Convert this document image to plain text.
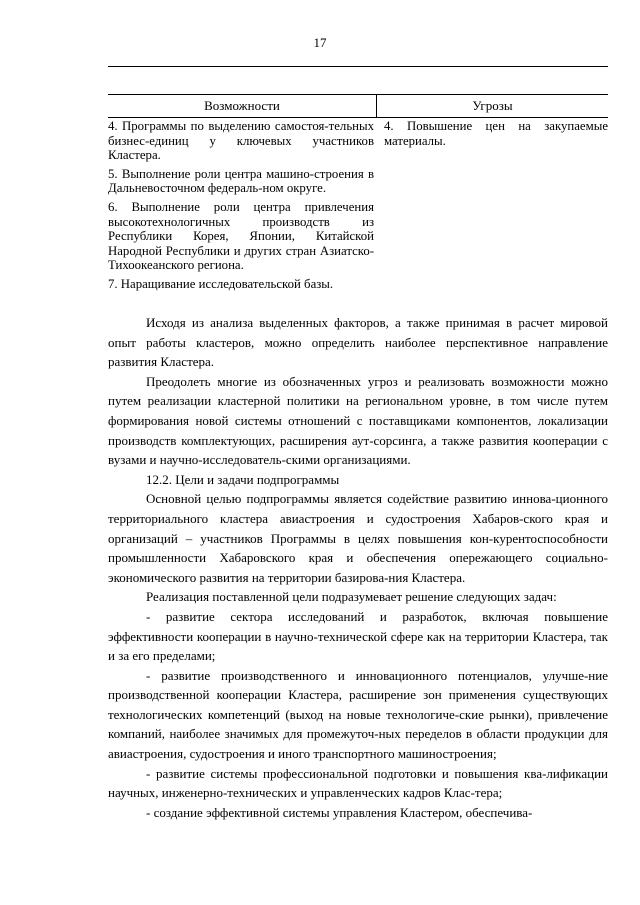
17
Возможности	Угрозы
4. Программы по выделению самостоя-тельных бизнес-единиц у ключевых участников Кластера.
5. Выполнение роли центра машино-строения в Дальневосточном федераль-ном округе.
6. Выполнение роли центра привлечения высокотехнологичных производств из Республики Корея, Японии, Китайской Народной Республики и других стран Азиатско-Тихоокеанского региона.
7. Наращивание исследовательской базы.
4. Повышение цен на закупаемые материалы.

Исходя из анализа выделенных факторов, а также принимая в расчет мировой опыт работы кластеров, можно определить наиболее перспективное направление развития Кластера.

Преодолеть многие из обозначенных угроз и реализовать возможности можно путем реализации кластерной политики на региональном уровне, в том числе путем формирования новой системы отношений с поставщиками компонентов, локализации производств комплектующих, расширения аут-сорсинга, а также развития кооперации с вузами и научно-исследователь-скими организациями.

12.2. Цели и задачи подпрограммы

Основной целью подпрограммы является содействие развитию иннова-ционного территориального кластера авиастроения и судостроения Хабаров-ского края и организаций – участников Программы в целях повышения кон-курентоспособности промышленности Хабаровского края и обеспечения опережающего социально-экономического развития на территории базирова-ния Кластера.

Реализация поставленной цели подразумевает решение следующих задач:

- развитие сектора исследований и разработок, включая повышение эффективности кооперации в научно-технической сфере как на территории Кластера, так и за его пределами;

- развитие производственного и инновационного потенциалов, улучше-ние производственной кооперации Кластера, расширение зон применения существующих технологических компетенций (выход на новые технологиче-ские рынки), привлечение компаний, наиболее значимых для промежуточ-ных переделов в области продукции для авиастроения, судостроения и иного транспортного машиностроения;

- развитие системы профессиональной подготовки и повышения ква-лификации научных, инженерно-технических и управленческих кадров Клас-тера;

- создание эффективной системы управления Кластером, обеспечива-
